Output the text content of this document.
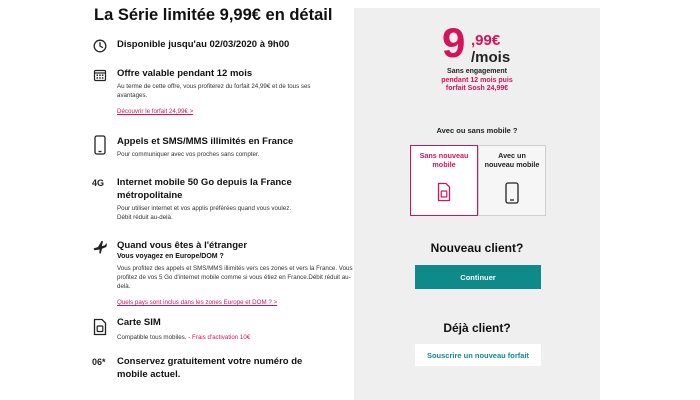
La Série limitée 9,99€ en détail
Disponible jusqu'au 02/03/2020 à 9h00
Offre valable pendant 12 mois
Au terme de cette offre, vous profiterez du forfait 24,99€ et de tous ses avantages.
Découvrir le forfait 24,99€ >
Appels et SMS/MMS illimités en France
Pour communiquer avec vos proches sans compter.
4G Internet mobile 50 Go depuis la France métropolitaine
Pour utiliser internet et vos applis préférées quand vous voulez. Débit réduit au-delà.
Quand vous êtes à l'étranger
Vous voyagez en Europe/DOM ?
Vous profitez des appels et SMS/MMS illimités vers ces zones et vers la France. Vous profitez de vos 5 Go d'internet mobile comme si vous étiez en France.Débit réduit au-delà.
Quels pays sont inclus dans les zones Europe et DOM ? >
Carte SIM
Compatible tous mobiles. - Frais d'activation 10€
06* Conservez gratuitement votre numéro de mobile actuel.
9 ,99€
/mois
Sans engagement
pendant 12 mois puis
forfait Sosh 24,99€
Avec ou sans mobile ?
Sans nouveau mobile
Avec un nouveau mobile
Nouveau client?
Continuer
Déjà client?
Souscrire un nouveau forfait
